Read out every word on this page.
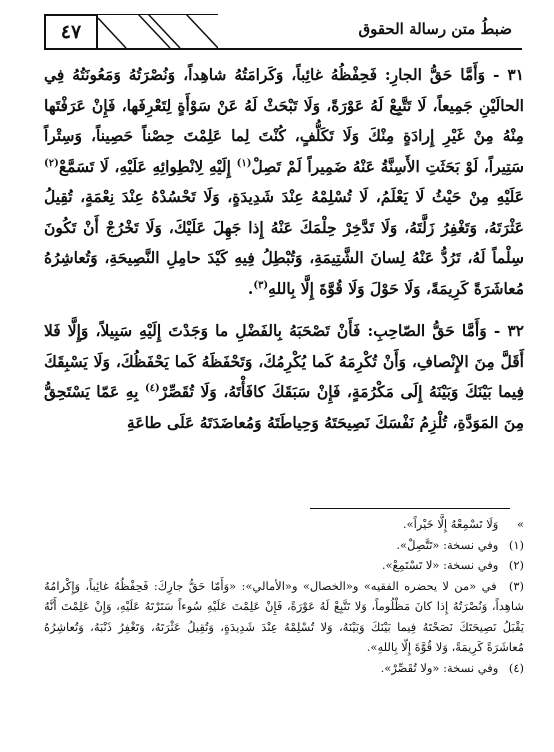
ضبطُ متن رسالة الحقوق
٤٧

٣١ - وَأَمَّا حَقُّ الجارِ: فَحِفْظُهُ غائِباً، وَكَرامَتُهُ شاهِداً، وَنُصْرَتُهُ وَمَعُونَتُهُ فِي الحالَيْنِ جَمِيعاً، لَا تَتَّبِعْ لَهُ عَوْرَةً، وَلَا تَبْحَثْ لَهُ عَنْ سَوْأَةٍ لِتَعْرِفَها، فَإِنْ عَرَفْتَها مِنْهُ مِنْ غَيْرِ إِرادَةٍ مِنْكَ وَلَا تَكَلُّفٍ، كُنْتَ لِما عَلِمْتَ حِصْناً حَصِيناً، وَسِتْراً سَتِيراً، لَوْ بَحَثَتِ الأَسِنَّةُ عَنْهُ ضَمِيراً لَمْ تَصِلْ$^{(١)}$ إِلَيْهِ لِانْطِوائِهِ عَلَيْهِ، لَا تَسَمَّعْ$^{(٢)}$ عَلَيْهِ مِنْ حَيْثُ لَا يَعْلَمُ، لَا تُسْلِمْهُ عِنْدَ شَدِيدَةٍ، وَلَا تَحْسُدْهُ عِنْدَ نِعْمَةٍ، تُقِيلُ عَثْرَتَهُ، وَتَغْفِرُ زَلَّتَهُ، وَلَا تَدَّخِرْ حِلْمَكَ عَنْهُ إِذا جَهِلَ عَلَيْكَ، وَلَا تَخْرُجْ أَنْ تَكُونَ سِلْماً لَهُ، تَرُدُّ عَنْهُ لِسانَ الشَّتِيمَةِ، وَتُبْطِلُ فِيهِ كَيْدَ حامِلِ النَّصِيحَةِ، وَتُعاشِرُهُ مُعاشَرَةً كَرِيمَةً، وَلَا حَوْلَ وَلَا قُوَّةَ إِلَّا بِاللهِ$^{(٣)}$.

٣٢ - وَأَمَّا حَقُّ الصّاحِبِ: فَأَنْ تَصْحَبَهُ بِالفَضْلِ ما وَجَدْتَ إِلَيْهِ سَبِيلاً، وَإِلَّا فَلا أَقَلَّ مِنَ الإِنْصافِ، وَأَنْ تُكْرِمَهُ كَما يُكْرِمُكَ، وَتَحْفَظَهُ كَما يَحْفَظُكَ، وَلَا يَسْبِقَكَ فِيما بَيْنَكَ وَبَيْنَهُ إِلَى مَكْرُمَةٍ، فَإِنْ سَبَقَكَ كافَأْتَهُ، وَلَا تُقَصِّرْ$^{(٤)}$ بِهِ عَمّا يَسْتَحِقُّ مِنَ المَوَدَّةِ، تُلْزِمُ نَفْسَكَ نَصِيحَتَهُ وَحِياطَتَهُ وَمُعاضَدَتَهُ عَلَى طاعَةِ

» وَلَا تَسْمِعْهُ إِلَّا خَيْراً».

(١) وفي نسخة: «تَتَّصِلْ».

(٢) وفي نسخة: «لا تَسْتَمِعْ».

(٣) في «من لا يحضره الفقيه» و«الخصال» و«الأمالي»: «وَأَمّا حَقُّ جارِكَ: فَحِفْظُهُ غائِباً، وَإِكْرامُهُ شاهِداً، وَنُصْرَتُهُ إِذا كانَ مَظْلُوماً، وَلا تَتَّبِعْ لَهُ عَوْرَةً، فَإِنْ عَلِمْتَ عَلَيْهِ سُوءاً سَتَرْتَهُ عَلَيْهِ، وَإِنْ عَلِمْتَ أَنَّهُ يَقْبَلُ نَصِيحَتَكَ نَصَحْتَهُ فِيما بَيْنَكَ وَبَيْنَهُ، وَلا تُسْلِمْهُ عِنْدَ شَدِيدَةٍ، وَتُقِيلُ عَثْرَتَهُ، وَتَغْفِرُ ذَنْبَهُ، وَتُعاشِرُهُ مُعاشَرَةً كَرِيمَةً، وَلا قُوَّةَ إِلّا بِاللهِ».

(٤) وفي نسخة: «ولا تُقَصِّرْ».
